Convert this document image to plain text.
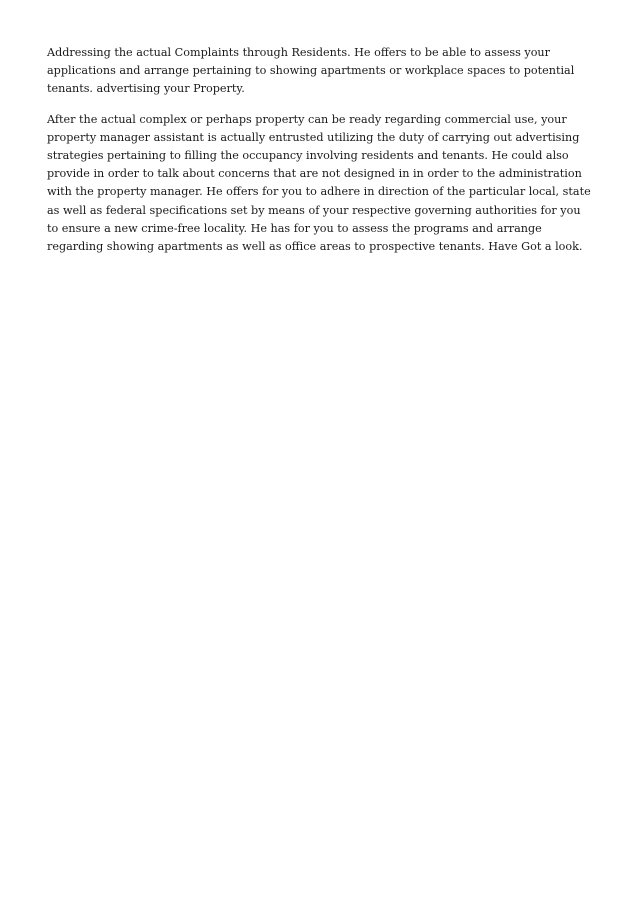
Addressing the actual Complaints through Residents. He offers to be able to assess your applications and arrange pertaining to showing apartments or workplace spaces to potential tenants. advertising your Property.

After the actual complex or perhaps property can be ready regarding commercial use, your property manager assistant is actually entrusted utilizing the duty of carrying out advertising strategies pertaining to filling the occupancy involving residents and tenants. He could also provide in order to talk about concerns that are not designed in in order to the administration with the property manager. He offers for you to adhere in direction of the particular local, state as well as federal specifications set by means of your respective governing authorities for you to ensure a new crime-free locality. He has for you to assess the programs and arrange regarding showing apartments as well as office areas to prospective tenants. Have Got a look.
